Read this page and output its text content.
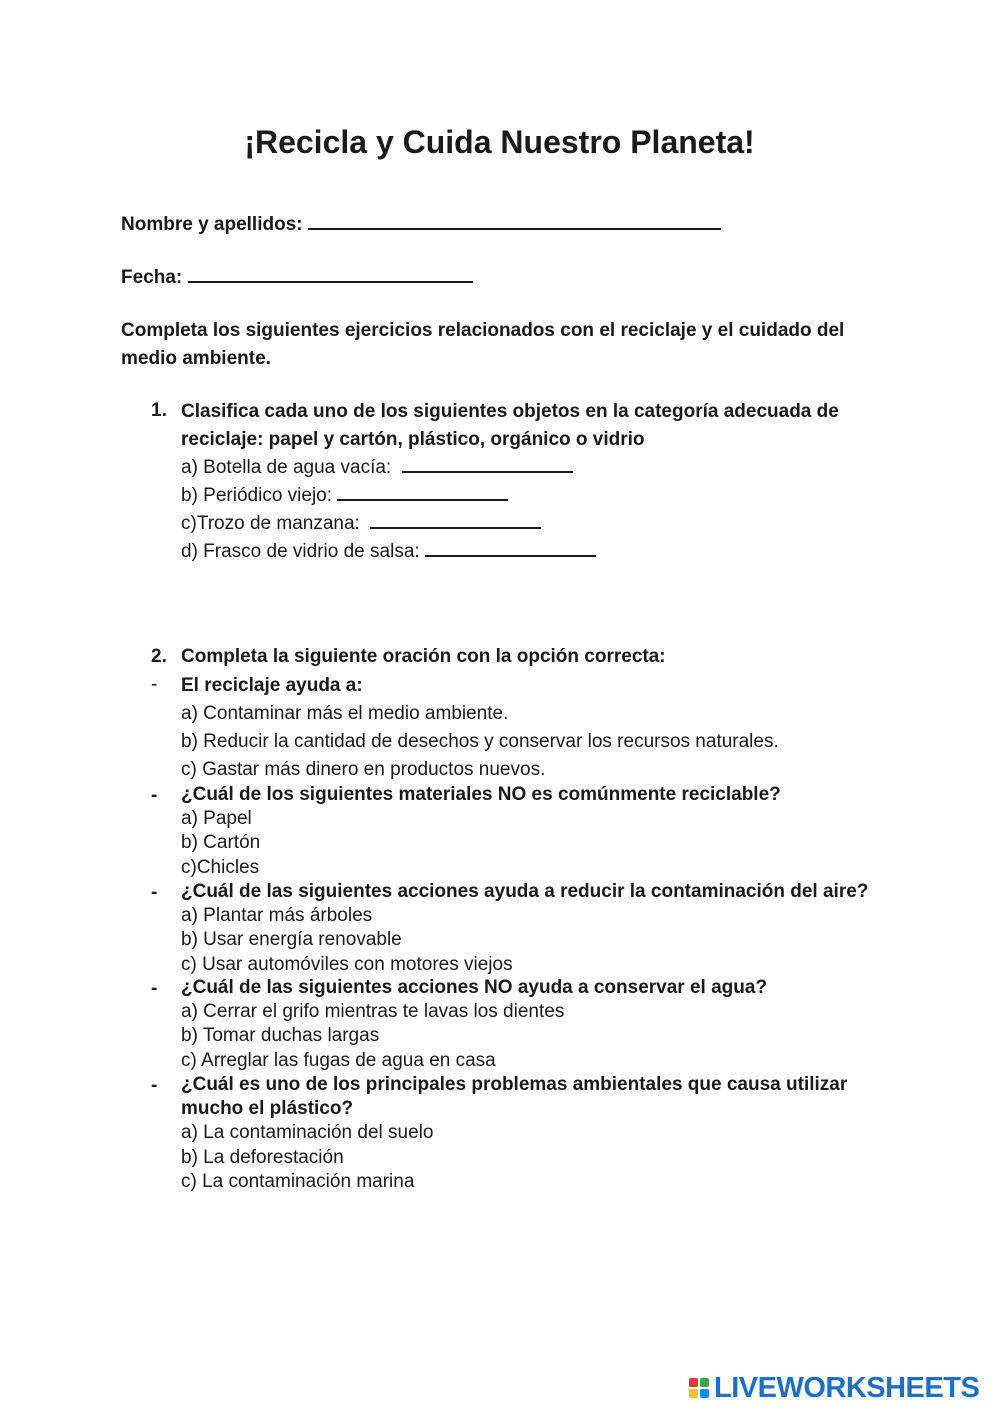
¡Recicla y Cuida Nuestro Planeta!
Nombre y apellidos:
Fecha:
Completa los siguientes ejercicios relacionados con el reciclaje y el cuidado del
medio ambiente.
1. Clasifica cada uno de los siguientes objetos en la categoría adecuada de
reciclaje: papel y cartón, plástico, orgánico o vidrio
a) Botella de agua vacía:
b) Periódico viejo:
c)Trozo de manzana:
d) Frasco de vidrio de salsa:
2. Completa la siguiente oración con la opción correcta:
- El reciclaje ayuda a:
a) Contaminar más el medio ambiente.
b) Reducir la cantidad de desechos y conservar los recursos naturales.
c) Gastar más dinero en productos nuevos.
- ¿Cuál de los siguientes materiales NO es comúnmente reciclable?
a) Papel
b) Cartón
c)Chicles
- ¿Cuál de las siguientes acciones ayuda a reducir la contaminación del aire?
a) Plantar más árboles
b) Usar energía renovable
c) Usar automóviles con motores viejos
- ¿Cuál de las siguientes acciones NO ayuda a conservar el agua?
a) Cerrar el grifo mientras te lavas los dientes
b) Tomar duchas largas
c) Arreglar las fugas de agua en casa
- ¿Cuál es uno de los principales problemas ambientales que causa utilizar
mucho el plástico?
a) La contaminación del suelo
b) La deforestación
c) La contaminación marina
LIVEWORKSHEETS
